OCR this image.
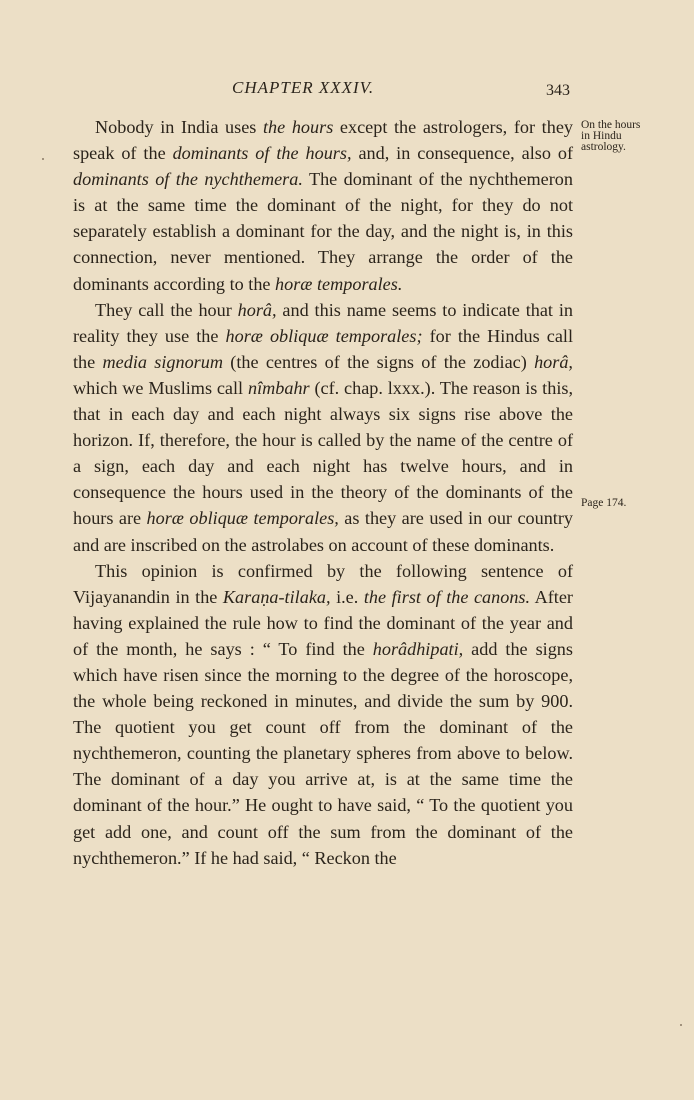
CHAPTER XXXIV.	343
On the hours in Hindu astrology.
Page 174.

Nobody in India uses the hours except the astrologers, for they speak of the dominants of the hours, and, in consequence, also of dominants of the nychthemera. The dominant of the nychthemeron is at the same time the dominant of the night, for they do not separately establish a dominant for the day, and the night is, in this connection, never mentioned. They arrange the order of the dominants according to the horæ temporales.

They call the hour horâ, and this name seems to indicate that in reality they use the horæ obliquæ temporales; for the Hindus call the media signorum (the centres of the signs of the zodiac) horâ, which we Muslims call nîmbahr (cf. chap. lxxx.). The reason is this, that in each day and each night always six signs rise above the horizon. If, therefore, the hour is called by the name of the centre of a sign, each day and each night has twelve hours, and in consequence the hours used in the theory of the dominants of the hours are horæ obliquæ temporales, as they are used in our country and are inscribed on the astrolabes on account of these dominants.

This opinion is confirmed by the following sentence of Vijayanandin in the Karaṇa-tilaka, i.e. the first of the canons. After having explained the rule how to find the dominant of the year and of the month, he says : “ To find the horâdhipati, add the signs which have risen since the morning to the degree of the horoscope, the whole being reckoned in minutes, and divide the sum by 900. The quotient you get count off from the dominant of the nychthemeron, counting the planetary spheres from above to below. The dominant of a day you arrive at, is at the same time the dominant of the hour.” He ought to have said, “ To the quotient you get add one, and count off the sum from the dominant of the nychthemeron.” If he had said, “ Reckon the
